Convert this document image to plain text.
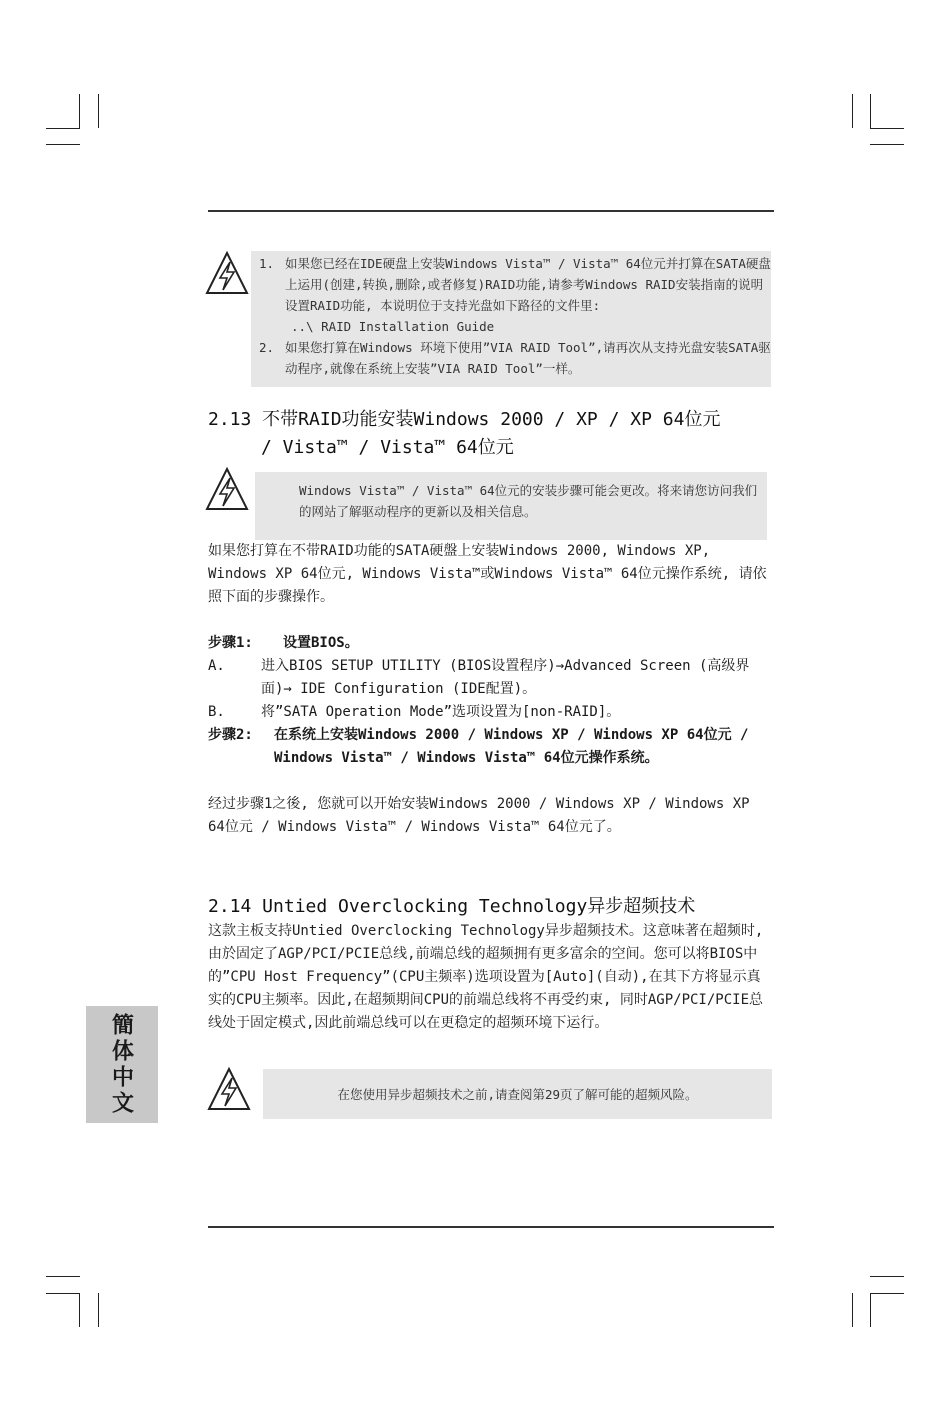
1. 如果您已经在IDE硬盘上安装Windows Vista™ / Vista™ 64位元并打算在SATA硬盘上运用(创建,转换,删除,或者修复)RAID功能,请参考Windows RAID安装指南的说明设置RAID功能, 本说明位于支持光盘如下路径的文件里:
..\ RAID Installation Guide
2. 如果您打算在Windows 环境下使用”VIA RAID Tool”,请再次从支持光盘安装SATA驱动程序,就像在系统上安装”VIA RAID Tool”一样。
2.13 不带RAID功能安装Windows 2000 / XP / XP 64位元
/ Vista™ / Vista™ 64位元
Windows Vista™ / Vista™ 64位元的安装步骤可能会更改。将来请您访问我们的网站了解驱动程序的更新以及相关信息。
如果您打算在不带RAID功能的SATA硬盤上安装Windows 2000, Windows XP, Windows XP 64位元, Windows Vista™或Windows Vista™ 64位元操作系统, 请依照下面的步骤操作。
步骤1: 设置BIOS。
A.	进入BIOS SETUP UTILITY (BIOS设置程序)→Advanced Screen (高级界面)→ IDE Configuration (IDE配置)。
B.	将”SATA Operation Mode”选项设置为[non-RAID]。
步骤2: 在系统上安装Windows 2000 / Windows XP / Windows XP 64位元 / Windows Vista™ / Windows Vista™ 64位元操作系统。
经过步骤1之後, 您就可以开始安装Windows 2000 / Windows XP / Windows XP 64位元 / Windows Vista™ / Windows Vista™ 64位元了。
2.14 Untied Overclocking Technology异步超频技术
这款主板支持Untied Overclocking Technology异步超频技术。这意味著在超频时,由於固定了AGP/PCI/PCIE总线,前端总线的超频拥有更多富余的空间。您可以将BIOS中的”CPU Host Frequency”(CPU主频率)选项设置为[Auto](自动),在其下方将显示真实的CPU主频率。因此,在超频期间CPU的前端总线将不再受约束, 同时AGP/PCI/PCIE总线处于固定模式,因此前端总线可以在更稳定的超频环境下运行。
在您使用异步超频技术之前,请查阅第29页了解可能的超频风险。
簡体中文
